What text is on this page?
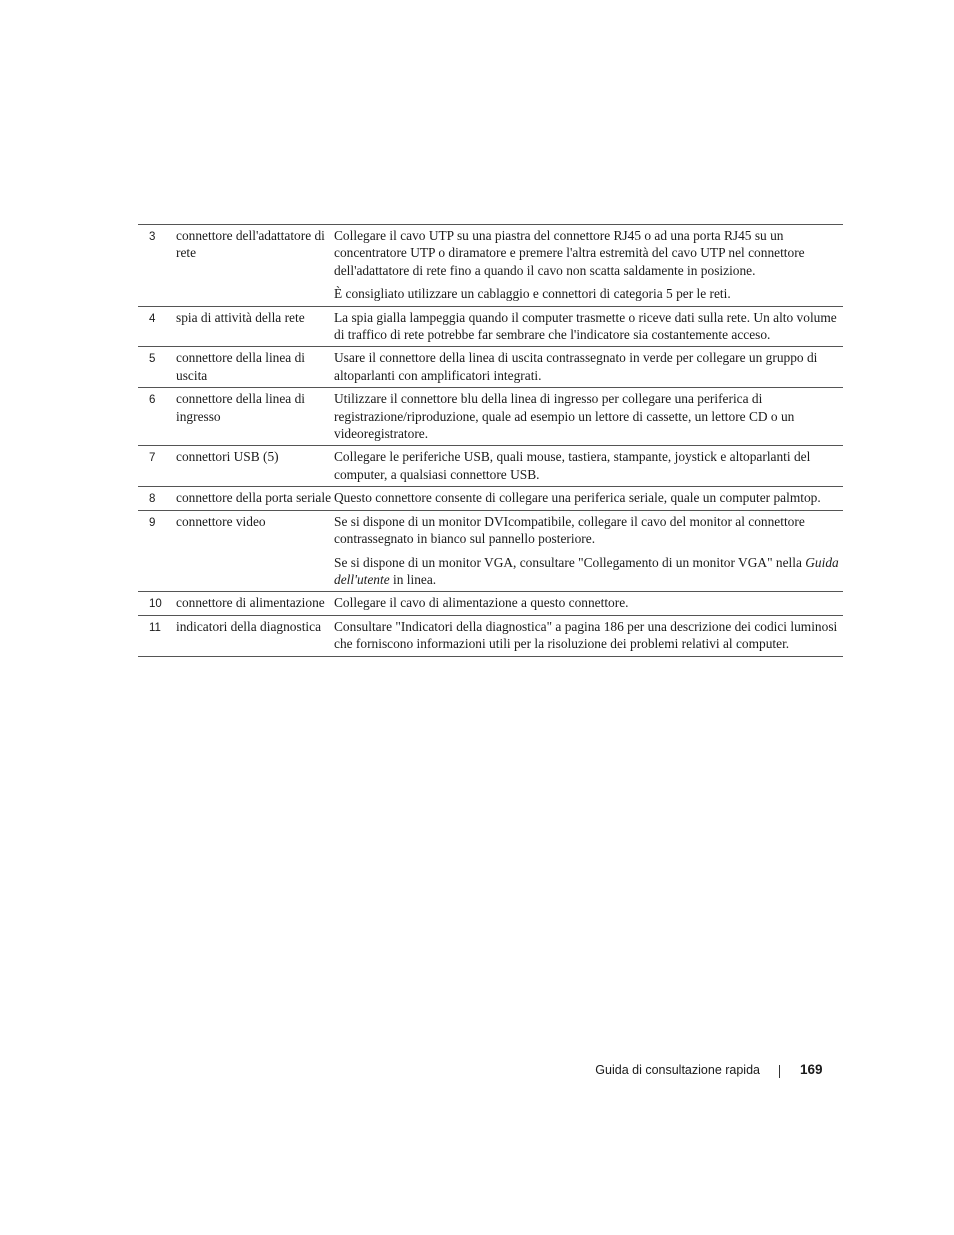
3	connettore dell'adattatore di rete	Collegare il cavo UTP su una piastra del connettore RJ45 o ad una porta RJ45 su un concentratore UTP o diramatore e premere l'altra estremità del cavo UTP nel connettore dell'adattatore di rete fino a quando il cavo non scatta saldamente in posizione.

È consigliato utilizzare un cablaggio e connettori di categoria 5 per le reti.

4	spia di attività della rete	La spia gialla lampeggia quando il computer trasmette o riceve dati sulla rete. Un alto volume di traffico di rete potrebbe far sembrare che l'indicatore sia costantemente acceso.

5	connettore della linea di uscita	Usare il connettore della linea di uscita contrassegnato in verde per collegare un gruppo di altoparlanti con amplificatori integrati.

6	connettore della linea di ingresso	Utilizzare il connettore blu della linea di ingresso per collegare una periferica di registrazione/riproduzione, quale ad esempio un lettore di cassette, un lettore CD o un videoregistratore.

7	connettori USB (5)	Collegare le periferiche USB, quali mouse, tastiera, stampante, joystick e altoparlanti del computer, a qualsiasi connettore USB.

8	connettore della porta seriale	Questo connettore consente di collegare una periferica seriale, quale un computer palmtop.

9	connettore video	Se si dispone di un monitor DVIcompatibile, collegare il cavo del monitor al connettore contrassegnato in bianco sul pannello posteriore.

Se si dispone di un monitor VGA, consultare "Collegamento di un monitor VGA" nella Guida dell'utente in linea.

10	connettore di alimentazione	Collegare il cavo di alimentazione a questo connettore.

11	indicatori della diagnostica	Consultare "Indicatori della diagnostica" a pagina 186 per una descrizione dei codici luminosi che forniscono informazioni utili per la risoluzione dei problemi relativi al computer.

Guida di consultazione rapida	169
